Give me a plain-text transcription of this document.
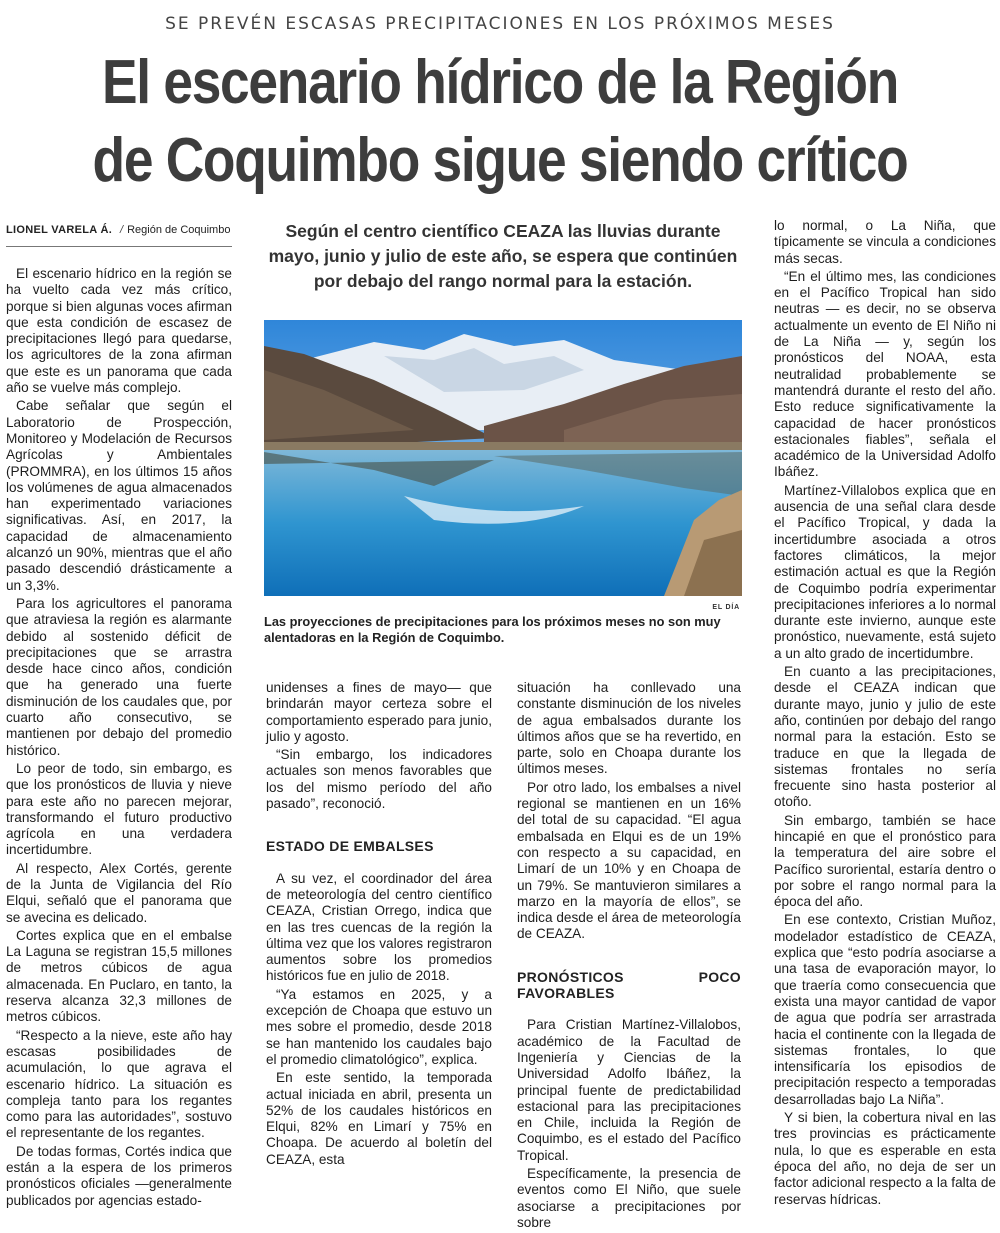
SE PREVÉN ESCASAS PRECIPITACIONES EN LOS PRÓXIMOS MESES
El escenario hídrico de la Región
de Coquimbo sigue siendo crítico
LIONEL VARELA Á. / Región de Coquimbo

El escenario hídrico en la región se ha vuelto cada vez más crítico, porque si bien algunas voces afirman que esta condición de escasez de precipitaciones llegó para quedarse, los agricultores de la zona afirman que este es un panorama que cada año se vuelve más complejo.

Cabe señalar que según el Laboratorio de Prospección, Monitoreo y Modelación de Recursos Agrícolas y Ambientales (PROMMRA), en los últimos 15 años los volúmenes de agua almacenados han experimentado variaciones significativas. Así, en 2017, la capacidad de almacenamiento alcanzó un 90%, mientras que el año pasado descendió drásticamente a un 3,3%.

Para los agricultores el panorama que atraviesa la región es alarmante debido al sostenido déficit de precipitaciones que se arrastra desde hace cinco años, condición que ha generado una fuerte disminución de los caudales que, por cuarto año consecutivo, se mantienen por debajo del promedio histórico.

Lo peor de todo, sin embargo, es que los pronósticos de lluvia y nieve para este año no parecen mejorar, transformando el futuro productivo agrícola en una verdadera incertidumbre.

Al respecto, Alex Cortés, gerente de la Junta de Vigilancia del Río Elqui, señaló que el panorama que se avecina es delicado.

Cortes explica que en el embalse La Laguna se registran 15,5 millones de metros cúbicos de agua almacenada. En Puclaro, en tanto, la reserva alcanza 32,3 millones de metros cúbicos.

“Respecto a la nieve, este año hay escasas posibilidades de acumulación, lo que agrava el escenario hídrico. La situación es compleja tanto para los regantes como para las autoridades”, sostuvo el representante de los regantes.

De todas formas, Cortés indica que están a la espera de los primeros pronósticos oficiales —generalmente publicados por agencias estado-

Según el centro científico CEAZA las lluvias durante mayo, junio y julio de este año, se espera que continúen por debajo del rango normal para la estación.
EL DÍA
Las proyecciones de precipitaciones para los próximos meses no son muy alentadoras en la Región de Coquimbo.

unidenses a fines de mayo— que brindarán mayor certeza sobre el comportamiento esperado para junio, julio y agosto.

“Sin embargo, los indicadores actuales son menos favorables que los del mismo período del año pasado”, reconoció.

ESTADO DE EMBALSES

A su vez, el coordinador del área de meteorología del centro científico CEAZA, Cristian Orrego, indica que en las tres cuencas de la región la última vez que los valores registraron aumentos sobre los promedios históricos fue en julio de 2018.

“Ya estamos en 2025, y a excepción de Choapa que estuvo un mes sobre el promedio, desde 2018 se han mantenido los caudales bajo el promedio climatológico”, explica.

En este sentido, la temporada actual iniciada en abril, presenta un 52% de los caudales históricos en Elqui, 82% en Limarí y 75% en Choapa. De acuerdo al boletín del CEAZA, esta

situación ha conllevado una constante disminución de los niveles de agua embalsados durante los últimos años que se ha revertido, en parte, solo en Choapa durante los últimos meses.

Por otro lado, los embalses a nivel regional se mantienen en un 16% del total de su capacidad. “El agua embalsada en Elqui es de un 19% con respecto a su capacidad, en Limarí de un 10% y en Choapa de un 79%. Se mantuvieron similares a marzo en la mayoría de ellos”, se indica desde el área de meteorología de CEAZA.

PRONÓSTICOS POCO FAVORABLES

Para Cristian Martínez-Villalobos, académico de la Facultad de Ingeniería y Ciencias de la Universidad Adolfo Ibáñez, la principal fuente de predictabilidad estacional para las precipitaciones en Chile, incluida la Región de Coquimbo, es el estado del Pacífico Tropical.

Específicamente, la presencia de eventos como El Niño, que suele asociarse a precipitaciones por sobre

lo normal, o La Niña, que típicamente se vincula a condiciones más secas.

“En el último mes, las condiciones en el Pacífico Tropical han sido neutras — es decir, no se observa actualmente un evento de El Niño ni de La Niña — y, según los pronósticos del NOAA, esta neutralidad probablemente se mantendrá durante el resto del año. Esto reduce significativamente la capacidad de hacer pronósticos estacionales fiables”, señala el académico de la Universidad Adolfo Ibáñez.

Martínez-Villalobos explica que en ausencia de una señal clara desde el Pacífico Tropical, y dada la incertidumbre asociada a otros factores climáticos, la mejor estimación actual es que la Región de Coquimbo podría experimentar precipitaciones inferiores a lo normal durante este invierno, aunque este pronóstico, nuevamente, está sujeto a un alto grado de incertidumbre.

En cuanto a las precipitaciones, desde el CEAZA indican que durante mayo, junio y julio de este año, continúen por debajo del rango normal para la estación. Esto se traduce en que la llegada de sistemas frontales no sería frecuente sino hasta posterior al otoño.

Sin embargo, también se hace hincapié en que el pronóstico para la temperatura del aire sobre el Pacífico suroriental, estaría dentro o por sobre el rango normal para la época del año.

En ese contexto, Cristian Muñoz, modelador estadístico de CEAZA, explica que “esto podría asociarse a una tasa de evaporación mayor, lo que traería como consecuencia que exista una mayor cantidad de vapor de agua que podría ser arrastrada hacia el continente con la llegada de sistemas frontales, lo que intensificaría los episodios de precipitación respecto a temporadas desarrolladas bajo La Niña”.

Y si bien, la cobertura nival en las tres provincias es prácticamente nula, lo que es esperable en esta época del año, no deja de ser un factor adicional respecto a la falta de reservas hídricas.
